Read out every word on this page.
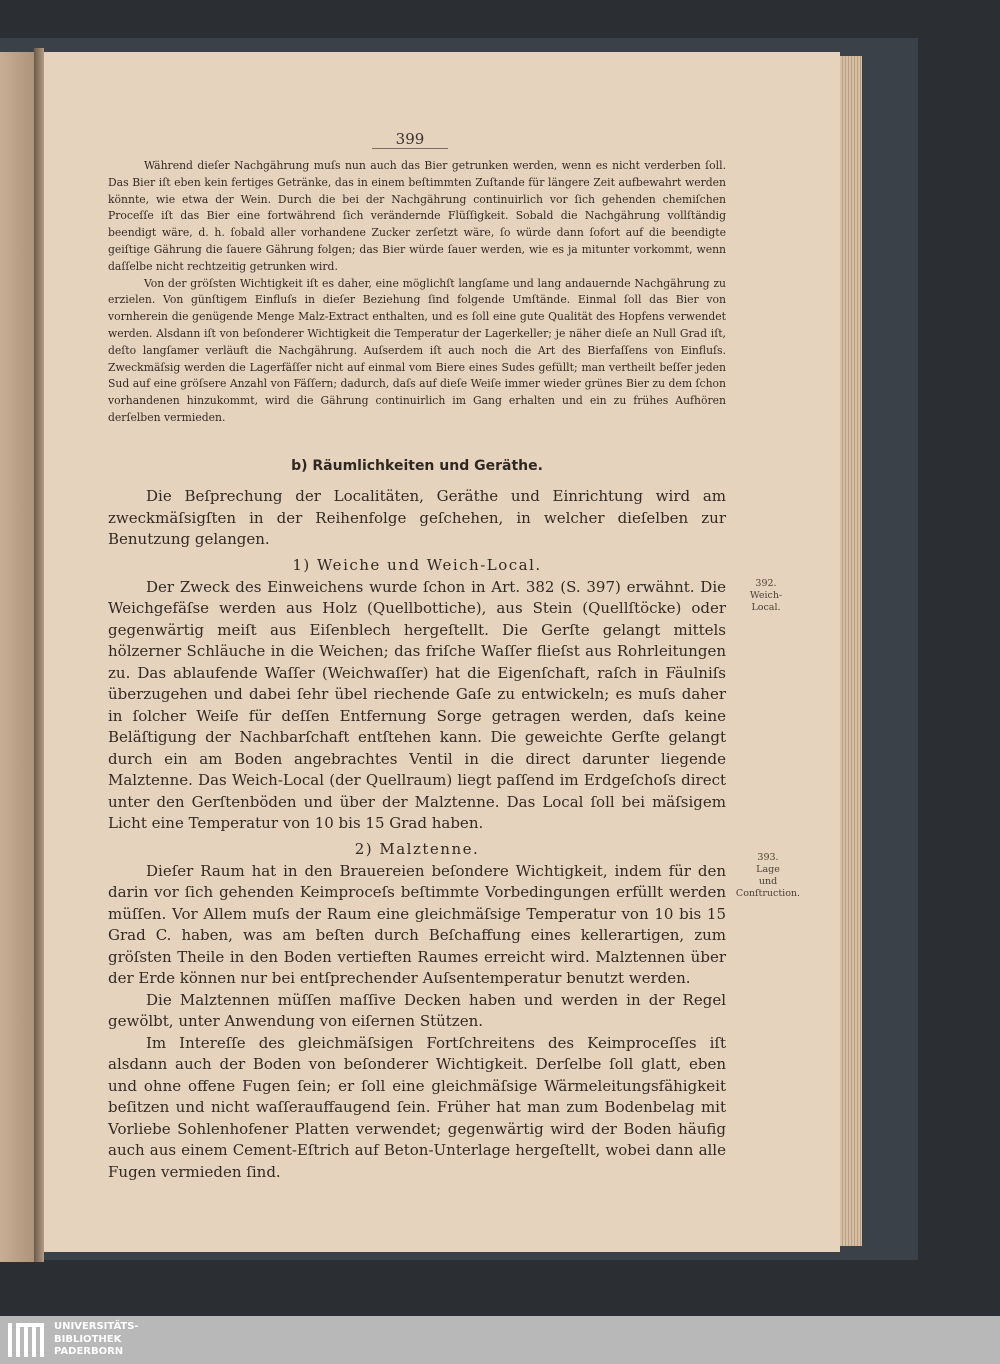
399

Während dieſer Nachgährung muſs nun auch das Bier getrunken werden, wenn es nicht verderben ſoll. Das Bier iſt eben kein fertiges Getränke, das in einem beſtimmten Zuſtande für längere Zeit aufbewahrt werden könnte, wie etwa der Wein. Durch die bei der Nachgährung continuirlich vor ſich gehenden chemiſchen Proceſſe iſt das Bier eine fortwährend ſich verändernde Flüſſigkeit. Sobald die Nachgährung vollſtändig beendigt wäre, d. h. ſobald aller vorhandene Zucker zerſetzt wäre, ſo würde dann ſofort auf die beendigte geiſtige Gährung die ſauere Gährung folgen; das Bier würde ſauer werden, wie es ja mitunter vorkommt, wenn daſſelbe nicht rechtzeitig getrunken wird.

Von der gröſsten Wichtigkeit iſt es daher, eine möglichſt langſame und lang andauernde Nachgährung zu erzielen. Von günſtigem Einfluſs in dieſer Beziehung ſind folgende Umſtände. Einmal ſoll das Bier von vornherein die genügende Menge Malz-Extract enthalten, und es ſoll eine gute Qualität des Hopfens verwendet werden. Alsdann iſt von beſonderer Wichtigkeit die Temperatur der Lagerkeller; je näher dieſe an Null Grad iſt, deſto langſamer verläuft die Nachgährung. Auſserdem iſt auch noch die Art des Bierfaſſens von Einfluſs. Zweckmäſsig werden die Lagerfäſſer nicht auf einmal vom Biere eines Sudes gefüllt; man vertheilt beſſer jeden Sud auf eine gröſsere Anzahl von Fäſſern; dadurch, daſs auf dieſe Weiſe immer wieder grünes Bier zu dem ſchon vorhandenen hinzukommt, wird die Gährung continuirlich im Gang erhalten und ein zu frühes Aufhören derſelben vermieden.

b) Räumlichkeiten und Geräthe.

Die Beſprechung der Localitäten, Geräthe und Einrichtung wird am zweckmäſsigſten in der Reihenfolge geſchehen, in welcher dieſelben zur Benutzung gelangen.

1) Weiche und Weich-Local.

Der Zweck des Einweichens wurde ſchon in Art. 382 (S. 397) erwähnt. Die Weichgefäſse werden aus Holz (Quellbottiche), aus Stein (Quellſtöcke) oder gegenwärtig meiſt aus Eiſenblech hergeſtellt. Die Gerſte gelangt mittels hölzerner Schläuche in die Weichen; das friſche Waſſer flieſst aus Rohrleitungen zu. Das ablaufende Waſſer (Weichwaſſer) hat die Eigenſchaft, raſch in Fäulniſs überzugehen und dabei ſehr übel riechende Gaſe zu entwickeln; es muſs daher in ſolcher Weiſe für deſſen Entfernung Sorge getragen werden, daſs keine Beläſtigung der Nachbarſchaft entſtehen kann. Die geweichte Gerſte gelangt durch ein am Boden angebrachtes Ventil in die direct darunter liegende Malztenne. Das Weich-Local (der Quellraum) liegt paſſend im Erdgeſchoſs direct unter den Gerſtenböden und über der Malztenne. Das Local ſoll bei mäſsigem Licht eine Temperatur von 10 bis 15 Grad haben.

2) Malztenne.

Dieſer Raum hat in den Brauereien beſondere Wichtigkeit, indem für den darin vor ſich gehenden Keimproceſs beſtimmte Vorbedingungen erfüllt werden müſſen. Vor Allem muſs der Raum eine gleichmäſsige Temperatur von 10 bis 15 Grad C. haben, was am beſten durch Beſchaffung eines kellerartigen, zum gröſsten Theile in den Boden vertieften Raumes erreicht wird. Malztennen über der Erde können nur bei entſprechender Auſsentemperatur benutzt werden.

Die Malztennen müſſen maſſive Decken haben und werden in der Regel gewölbt, unter Anwendung von eiſernen Stützen.

Im Intereſſe des gleichmäſsigen Fortſchreitens des Keimproceſſes iſt alsdann auch der Boden von beſonderer Wichtigkeit. Derſelbe ſoll glatt, eben und ohne offene Fugen ſein; er ſoll eine gleichmäſsige Wärmeleitungsfähigkeit beſitzen und nicht waſſerauffaugend ſein. Früher hat man zum Bodenbelag mit Vorliebe Sohlenhofener Platten verwendet; gegenwärtig wird der Boden häufig auch aus einem Cement-Eſtrich auf Beton-Unterlage hergeſtellt, wobei dann alle Fugen vermieden ſind.

392.
Weich-
Local.
393.
Lage
und
Conſtruction.
UNIVERSITÄTS-
BIBLIOTHEK
PADERBORN
